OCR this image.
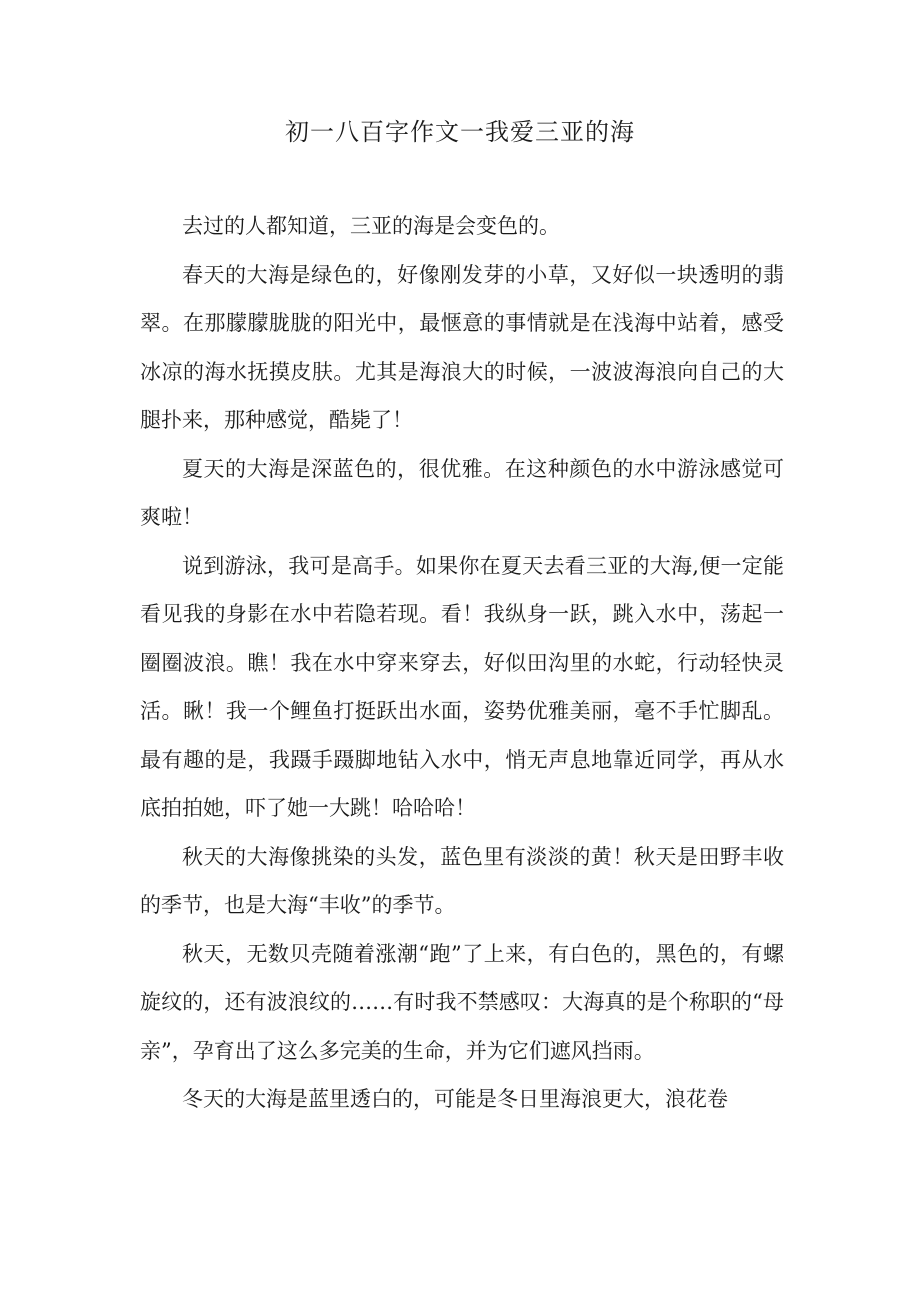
初一八百字作文一我爱三亚的海

去过的人都知道，三亚的海是会变色的。

春天的大海是绿色的，好像刚发芽的小草，又好似一块透明的翡翠。在那朦朦胧胧的阳光中，最惬意的事情就是在浅海中站着，感受冰凉的海水抚摸皮肤。尤其是海浪大的时候，一波波海浪向自己的大腿扑来，那种感觉，酷毙了！

夏天的大海是深蓝色的，很优雅。在这种颜色的水中游泳感觉可爽啦！

说到游泳，我可是高手。如果你在夏天去看三亚的大海,便一定能看见我的身影在水中若隐若现。看！我纵身一跃，跳入水中，荡起一圈圈波浪。瞧！我在水中穿来穿去，好似田沟里的水蛇，行动轻快灵活。瞅！我一个鲤鱼打挺跃出水面，姿势优雅美丽，毫不手忙脚乱。最有趣的是，我蹑手蹑脚地钻入水中，悄无声息地靠近同学，再从水底拍拍她，吓了她一大跳！哈哈哈！

秋天的大海像挑染的头发，蓝色里有淡淡的黄！秋天是田野丰收的季节，也是大海“丰收”的季节。

秋天，无数贝壳随着涨潮“跑”了上来，有白色的，黑色的，有螺旋纹的，还有波浪纹的……有时我不禁感叹：大海真的是个称职的“母亲”，孕育出了这么多完美的生命，并为它们遮风挡雨。

冬天的大海是蓝里透白的，可能是冬日里海浪更大，浪花卷
